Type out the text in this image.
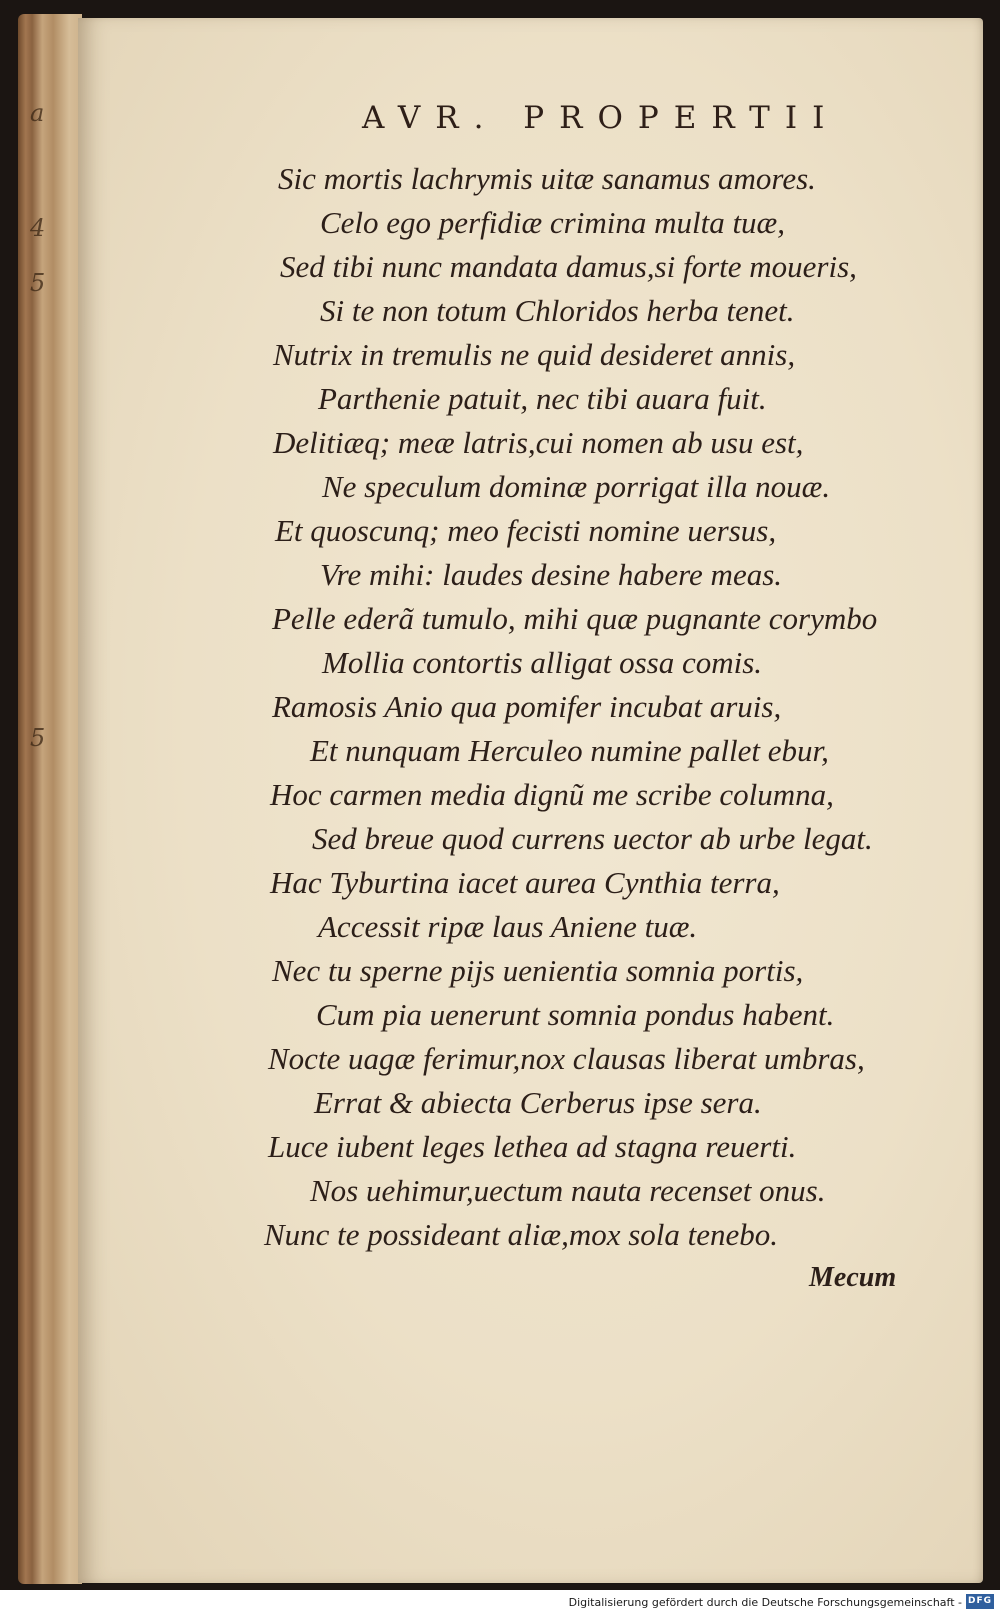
a
4
5
5
AVR. PROPERTII
Sic mortis lachrymis uitæ sanamus amores.
Celo ego perfidiæ crimina multa tuæ,
Sed tibi nunc mandata damus,si forte moueris,
Si te non totum Chloridos herba tenet.
Nutrix in tremulis ne quid desideret annis,
Parthenie patuit, nec tibi auara fuit.
Delitiæq; meæ latris,cui nomen ab usu est,
Ne speculum dominæ porrigat illa nouæ.
Et quoscunq; meo fecisti nomine uersus,
Vre mihi: laudes desine habere meas.
Pelle ederã tumulo, mihi quæ pugnante corymbo
Mollia contortis alligat ossa comis.
Ramosis Anio qua pomifer incubat aruis,
Et nunquam Herculeo numine pallet ebur,
Hoc carmen media dignũ me scribe columna,
Sed breue quod currens uector ab urbe legat.
Hac Tyburtina iacet aurea Cynthia terra,
Accessit ripæ laus Aniene tuæ.
Nec tu sperne pijs uenientia somnia portis,
Cum pia uenerunt somnia pondus habent.
Nocte uagæ ferimur,nox clausas liberat umbras,
Errat & abiecta Cerberus ipse sera.
Luce iubent leges lethea ad stagna reuerti.
Nos uehimur,uectum nauta recenset onus.
Nunc te possideant aliæ,mox sola tenebo.
Mecum
Digitalisierung gefördert durch die Deutsche Forschungsgemeinschaft - DFG
